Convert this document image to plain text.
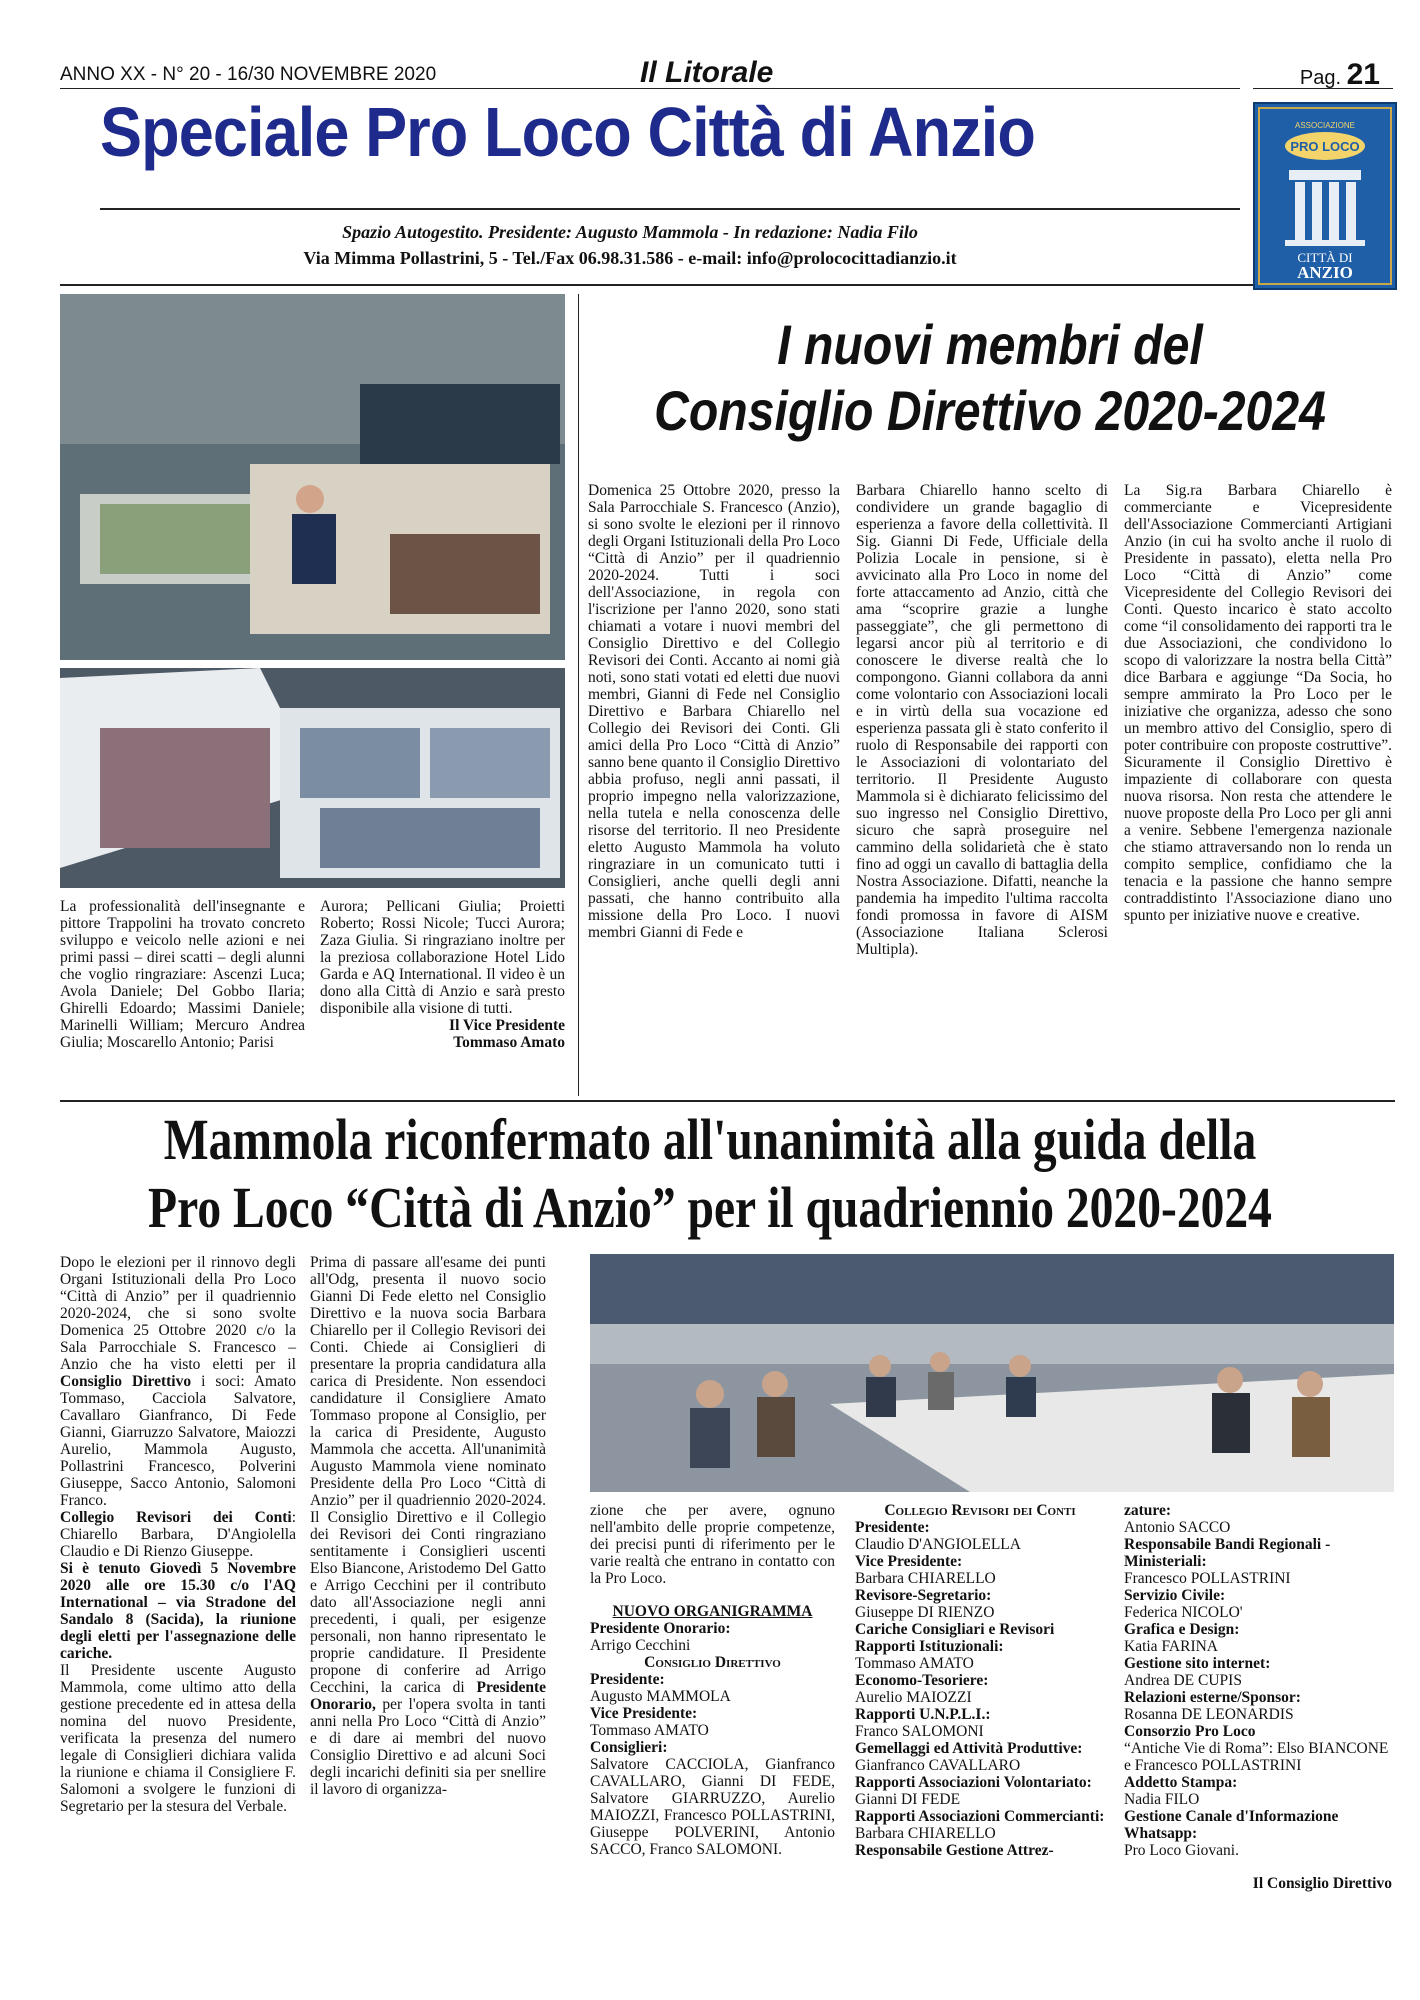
ANNO XX - N° 20 - 16/30 NOVEMBRE 2020	Il Litorale	Pag. 21
Speciale Pro Loco Città di Anzio
Spazio Autogestito. Presidente: Augusto Mammola - In redazione: Nadia Filo
Via Mimma Pollastrini, 5 - Tel./Fax 06.98.31.586 - e-mail: info@prolococittadianzio.it
ASSOCIAZIONE
PRO LOCO
CITTÀ DI
ANZIO

La professionalità dell'insegnante e pittore Trappolini ha trovato concreto sviluppo e veicolo nelle azioni e nei primi passi – direi scatti – degli alunni che voglio ringraziare: Ascenzi Luca; Avola Daniele; Del Gobbo Ilaria; Ghirelli Edoardo; Massimi Daniele; Marinelli William; Mercuro Andrea Giulia; Moscarello Antonio; Parisi

Aurora; Pellicani Giulia; Proietti Roberto; Rossi Nicole; Tucci Aurora; Zaza Giulia. Si ringraziano inoltre per la preziosa collaborazione Hotel Lido Garda e AQ International. Il video è un dono alla Città di Anzio e sarà presto disponibile alla visione di tutti.

Il Vice Presidente

Tommaso Amato

I nuovi membri del
Consiglio Direttivo 2020-2024

Domenica 25 Ottobre 2020, presso la Sala Parrocchiale S. Francesco (Anzio), si sono svolte le elezioni per il rinnovo degli Organi Istituzionali della Pro Loco “Città di Anzio” per il quadriennio 2020-2024. Tutti i soci dell'Associazione, in regola con l'iscrizione per l'anno 2020, sono stati chiamati a votare i nuovi membri del Consiglio Direttivo e del Collegio Revisori dei Conti. Accanto ai nomi già noti, sono stati votati ed eletti due nuovi membri, Gianni di Fede nel Consiglio Direttivo e Barbara Chiarello nel Collegio dei Revisori dei Conti. Gli amici della Pro Loco “Città di Anzio” sanno bene quanto il Consiglio Direttivo abbia profuso, negli anni passati, il proprio impegno nella valorizzazione, nella tutela e nella conoscenza delle risorse del territorio. Il neo Presidente eletto Augusto Mammola ha voluto ringraziare in un comunicato tutti i Consiglieri, anche quelli degli anni passati, che hanno contribuito alla missione della Pro Loco. I nuovi membri Gianni di Fede e

Barbara Chiarello hanno scelto di condividere un grande bagaglio di esperienza a favore della collettività. Il Sig. Gianni Di Fede, Ufficiale della Polizia Locale in pensione, si è avvicinato alla Pro Loco in nome del forte attaccamento ad Anzio, città che ama “scoprire grazie a lunghe passeggiate”, che gli permettono di legarsi ancor più al territorio e di conoscere le diverse realtà che lo compongono. Gianni collabora da anni come volontario con Associazioni locali e in virtù della sua vocazione ed esperienza passata gli è stato conferito il ruolo di Responsabile dei rapporti con le Associazioni di volontariato del territorio. Il Presidente Augusto Mammola si è dichiarato felicissimo del suo ingresso nel Consiglio Direttivo, sicuro che saprà proseguire nel cammino della solidarietà che è stato fino ad oggi un cavallo di battaglia della Nostra Associazione. Difatti, neanche la pandemia ha impedito l'ultima raccolta fondi promossa in favore di AISM (Associazione Italiana Sclerosi Multipla).

La Sig.ra Barbara Chiarello è commerciante e Vicepresidente dell'Associazione Commercianti Artigiani Anzio (in cui ha svolto anche il ruolo di Presidente in passato), eletta nella Pro Loco “Città di Anzio” come Vicepresidente del Collegio Revisori dei Conti. Questo incarico è stato accolto come “il consolidamento dei rapporti tra le due Associazioni, che condividono lo scopo di valorizzare la nostra bella Città” dice Barbara e aggiunge “Da Socia, ho sempre ammirato la Pro Loco per le iniziative che organizza, adesso che sono un membro attivo del Consiglio, spero di poter contribuire con proposte costruttive”. Sicuramente il Consiglio Direttivo è impaziente di collaborare con questa nuova risorsa. Non resta che attendere le nuove proposte della Pro Loco per gli anni a venire. Sebbene l'emergenza nazionale che stiamo attraversando non lo renda un compito semplice, confidiamo che la tenacia e la passione che hanno sempre contraddistinto l'Associazione diano uno spunto per iniziative nuove e creative.

Mammola riconfermato all'unanimità alla guida della
Pro Loco “Città di Anzio” per il quadriennio 2020-2024

Dopo le elezioni per il rinnovo degli Organi Istituzionali della Pro Loco “Città di Anzio” per il quadriennio 2020-2024, che si sono svolte Domenica 25 Ottobre 2020 c/o la Sala Parrocchiale S. Francesco –Anzio che ha visto eletti per il Consiglio Direttivo i soci: Amato Tommaso, Cacciola Salvatore, Cavallaro Gianfranco, Di Fede Gianni, Giarruzzo Salvatore, Maiozzi Aurelio, Mammola Augusto, Pollastrini Francesco, Polverini Giuseppe, Sacco Antonio, Salomoni Franco.

Collegio Revisori dei Conti: Chiarello Barbara, D'Angiolella Claudio e Di Rienzo Giuseppe.

Si è tenuto Giovedì 5 Novembre 2020 alle ore 15.30 c/o l'AQ International – via Stradone del Sandalo 8 (Sacida), la riunione degli eletti per l'assegnazione delle cariche.

Il Presidente uscente Augusto Mammola, come ultimo atto della gestione precedente ed in attesa della nomina del nuovo Presidente, verificata la presenza del numero legale di Consiglieri dichiara valida la riunione e chiama il Consigliere F. Salomoni a svolgere le funzioni di Segretario per la stesura del Verbale.

Prima di passare all'esame dei punti all'Odg, presenta il nuovo socio Gianni Di Fede eletto nel Consiglio Direttivo e la nuova socia Barbara Chiarello per il Collegio Revisori dei Conti. Chiede ai Consiglieri di presentare la propria candidatura alla carica di Presidente. Non essendoci candidature il Consigliere Amato Tommaso propone al Consiglio, per la carica di Presidente, Augusto Mammola che accetta. All'unanimità Augusto Mammola viene nominato Presidente della Pro Loco “Città di Anzio” per il quadriennio 2020-2024. Il Consiglio Direttivo e il Collegio dei Revisori dei Conti ringraziano sentitamente i Consiglieri uscenti Elso Biancone, Aristodemo Del Gatto e Arrigo Cecchini per il contributo dato all'Associazione negli anni precedenti, i quali, per esigenze personali, non hanno ripresentato le proprie candidature. Il Presidente propone di conferire ad Arrigo Cecchini, la carica di Presidente Onorario, per l'opera svolta in tanti anni nella Pro Loco “Città di Anzio” e di dare ai membri del nuovo Consiglio Direttivo e ad alcuni Soci degli incarichi definiti sia per snellire il lavoro di organizza-

zione che per avere, ognuno nell'ambito delle proprie competenze, dei precisi punti di riferimento per le varie realtà che entrano in contatto con la Pro Loco.

NUOVO ORGANIGRAMMA

Presidente Onorario:
Arrigo Cecchini

Consiglio Direttivo

Presidente:
Augusto MAMMOLA

Vice Presidente:
Tommaso AMATO

Consiglieri:
Salvatore CACCIOLA, Gianfranco CAVALLARO, Gianni DI FEDE, Salvatore GIARRUZZO, Aurelio MAIOZZI, Francesco POLLASTRINI, Giuseppe POLVERINI, Antonio SACCO, Franco SALOMONI.

Collegio Revisori dei Conti

Presidente:
Claudio D'ANGIOLELLA

Vice Presidente:
Barbara CHIARELLO

Revisore-Segretario:
Giuseppe DI RIENZO

Cariche Consigliari e Revisori

Rapporti Istituzionali:
Tommaso AMATO

Economo-Tesoriere:
Aurelio MAIOZZI

Rapporti U.N.P.L.I.:
Franco SALOMONI

Gemellaggi ed Attività Produttive:
Gianfranco CAVALLARO

Rapporti Associazioni Volontariato:
Gianni DI FEDE

Rapporti Associazioni Commercianti:
Barbara CHIARELLO

Responsabile Gestione Attrez-

zature:
Antonio SACCO

Responsabile Bandi Regionali - Ministeriali:
Francesco POLLASTRINI

Servizio Civile:
Federica NICOLO'

Grafica e Design:
Katia FARINA

Gestione sito internet:
Andrea DE CUPIS

Relazioni esterne/Sponsor:
Rosanna DE LEONARDIS

Consorzio Pro Loco
“Antiche Vie di Roma”: Elso BIANCONE e Francesco POLLASTRINI

Addetto Stampa:
Nadia FILO

Gestione Canale d'Informazione Whatsapp:
Pro Loco Giovani.

Il Consiglio Direttivo
